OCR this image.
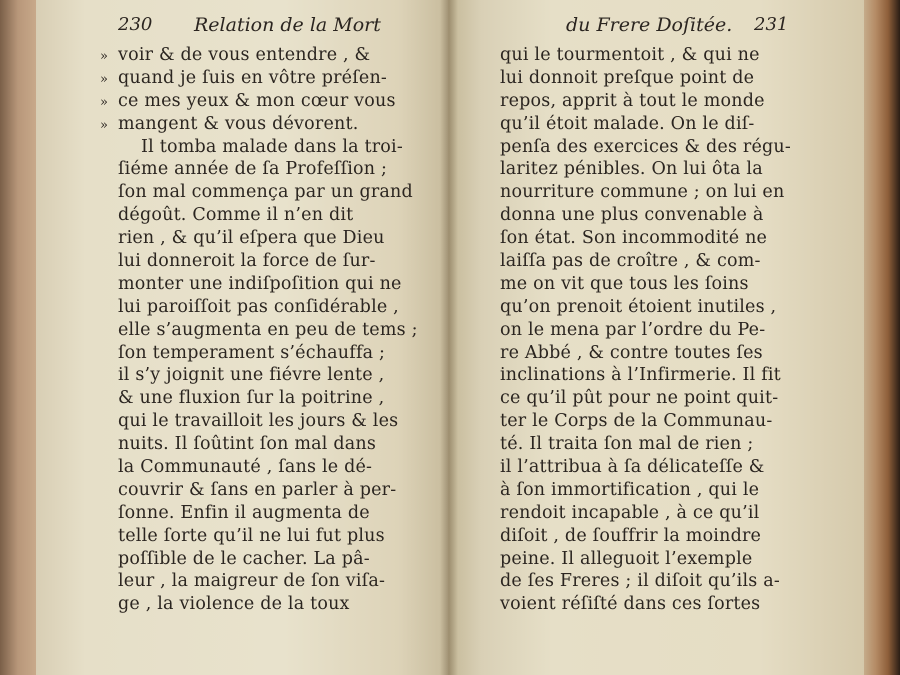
230 Relation de la Mort
» voir & de vous entendre , &
» quand je ſuis en vôtre préſen-
» ce mes yeux & mon cœur vous
» mangent & vous dévorent.
Il tomba malade dans la troi-
ſiéme année de ſa Profeſſion ;
ſon mal commença par un grand
dégoût. Comme il n’en dit
rien , & qu’il eſpera que Dieu
lui donneroit la force de ſur-
monter une indiſpoſition qui ne
lui paroiſſoit pas conſidérable ,
elle s’augmenta en peu de tems ;
ſon temperament s’échauffa ;
il s’y joignit une fiévre lente ,
& une fluxion ſur la poitrine ,
qui le travailloit les jours & les
nuits. Il ſoûtint ſon mal dans
la Communauté , ſans le dé-
couvrir & ſans en parler à per-
ſonne. Enfin il augmenta de
telle ſorte qu’il ne lui fut plus
poſſible de le cacher. La pâ-
leur , la maigreur de ſon viſa-
ge , la violence de la toux
du Frere Doſitée. 231
qui le tourmentoit , & qui ne
lui donnoit preſque point de
repos, apprit à tout le monde
qu’il étoit malade. On le diſ-
penſa des exercices & des régu-
laritez pénibles. On lui ôta la
nourriture commune ; on lui en
donna une plus convenable à
ſon état. Son incommodité ne
laiſſa pas de croître , & com-
me on vit que tous les ſoins
qu’on prenoit étoient inutiles ,
on le mena par l’ordre du Pe-
re Abbé , & contre toutes ſes
inclinations à l’Infirmerie. Il fit
ce qu’il pût pour ne point quit-
ter le Corps de la Communau-
té. Il traita ſon mal de rien ;
il l’attribua à ſa délicateſſe &
à ſon immortification , qui le
rendoit incapable , à ce qu’il
diſoit , de ſouffrir la moindre
peine. Il alleguoit l’exemple
de ſes Freres ; il diſoit qu’ils a-
voient réſiſté dans ces ſortes
